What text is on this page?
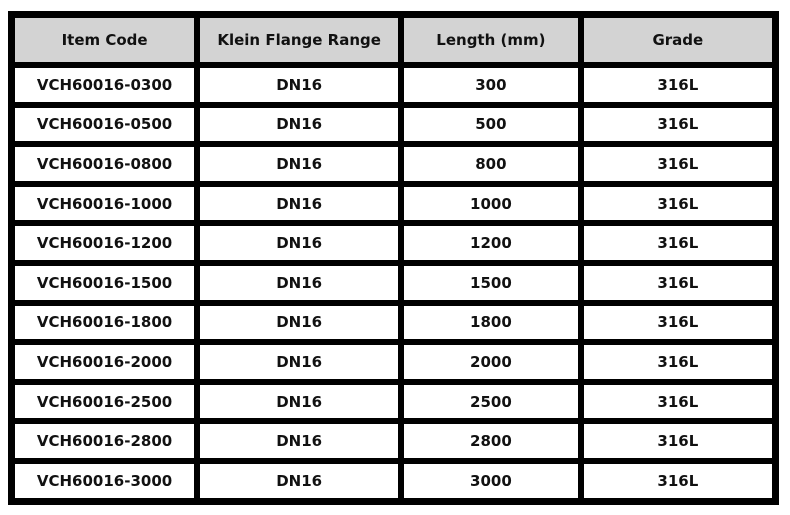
Item Code	Klein Flange Range	Length (mm)	Grade
VCH60016-0300	DN16	300	316L
VCH60016-0500	DN16	500	316L
VCH60016-0800	DN16	800	316L
VCH60016-1000	DN16	1000	316L
VCH60016-1200	DN16	1200	316L
VCH60016-1500	DN16	1500	316L
VCH60016-1800	DN16	1800	316L
VCH60016-2000	DN16	2000	316L
VCH60016-2500	DN16	2500	316L
VCH60016-2800	DN16	2800	316L
VCH60016-3000	DN16	3000	316L
